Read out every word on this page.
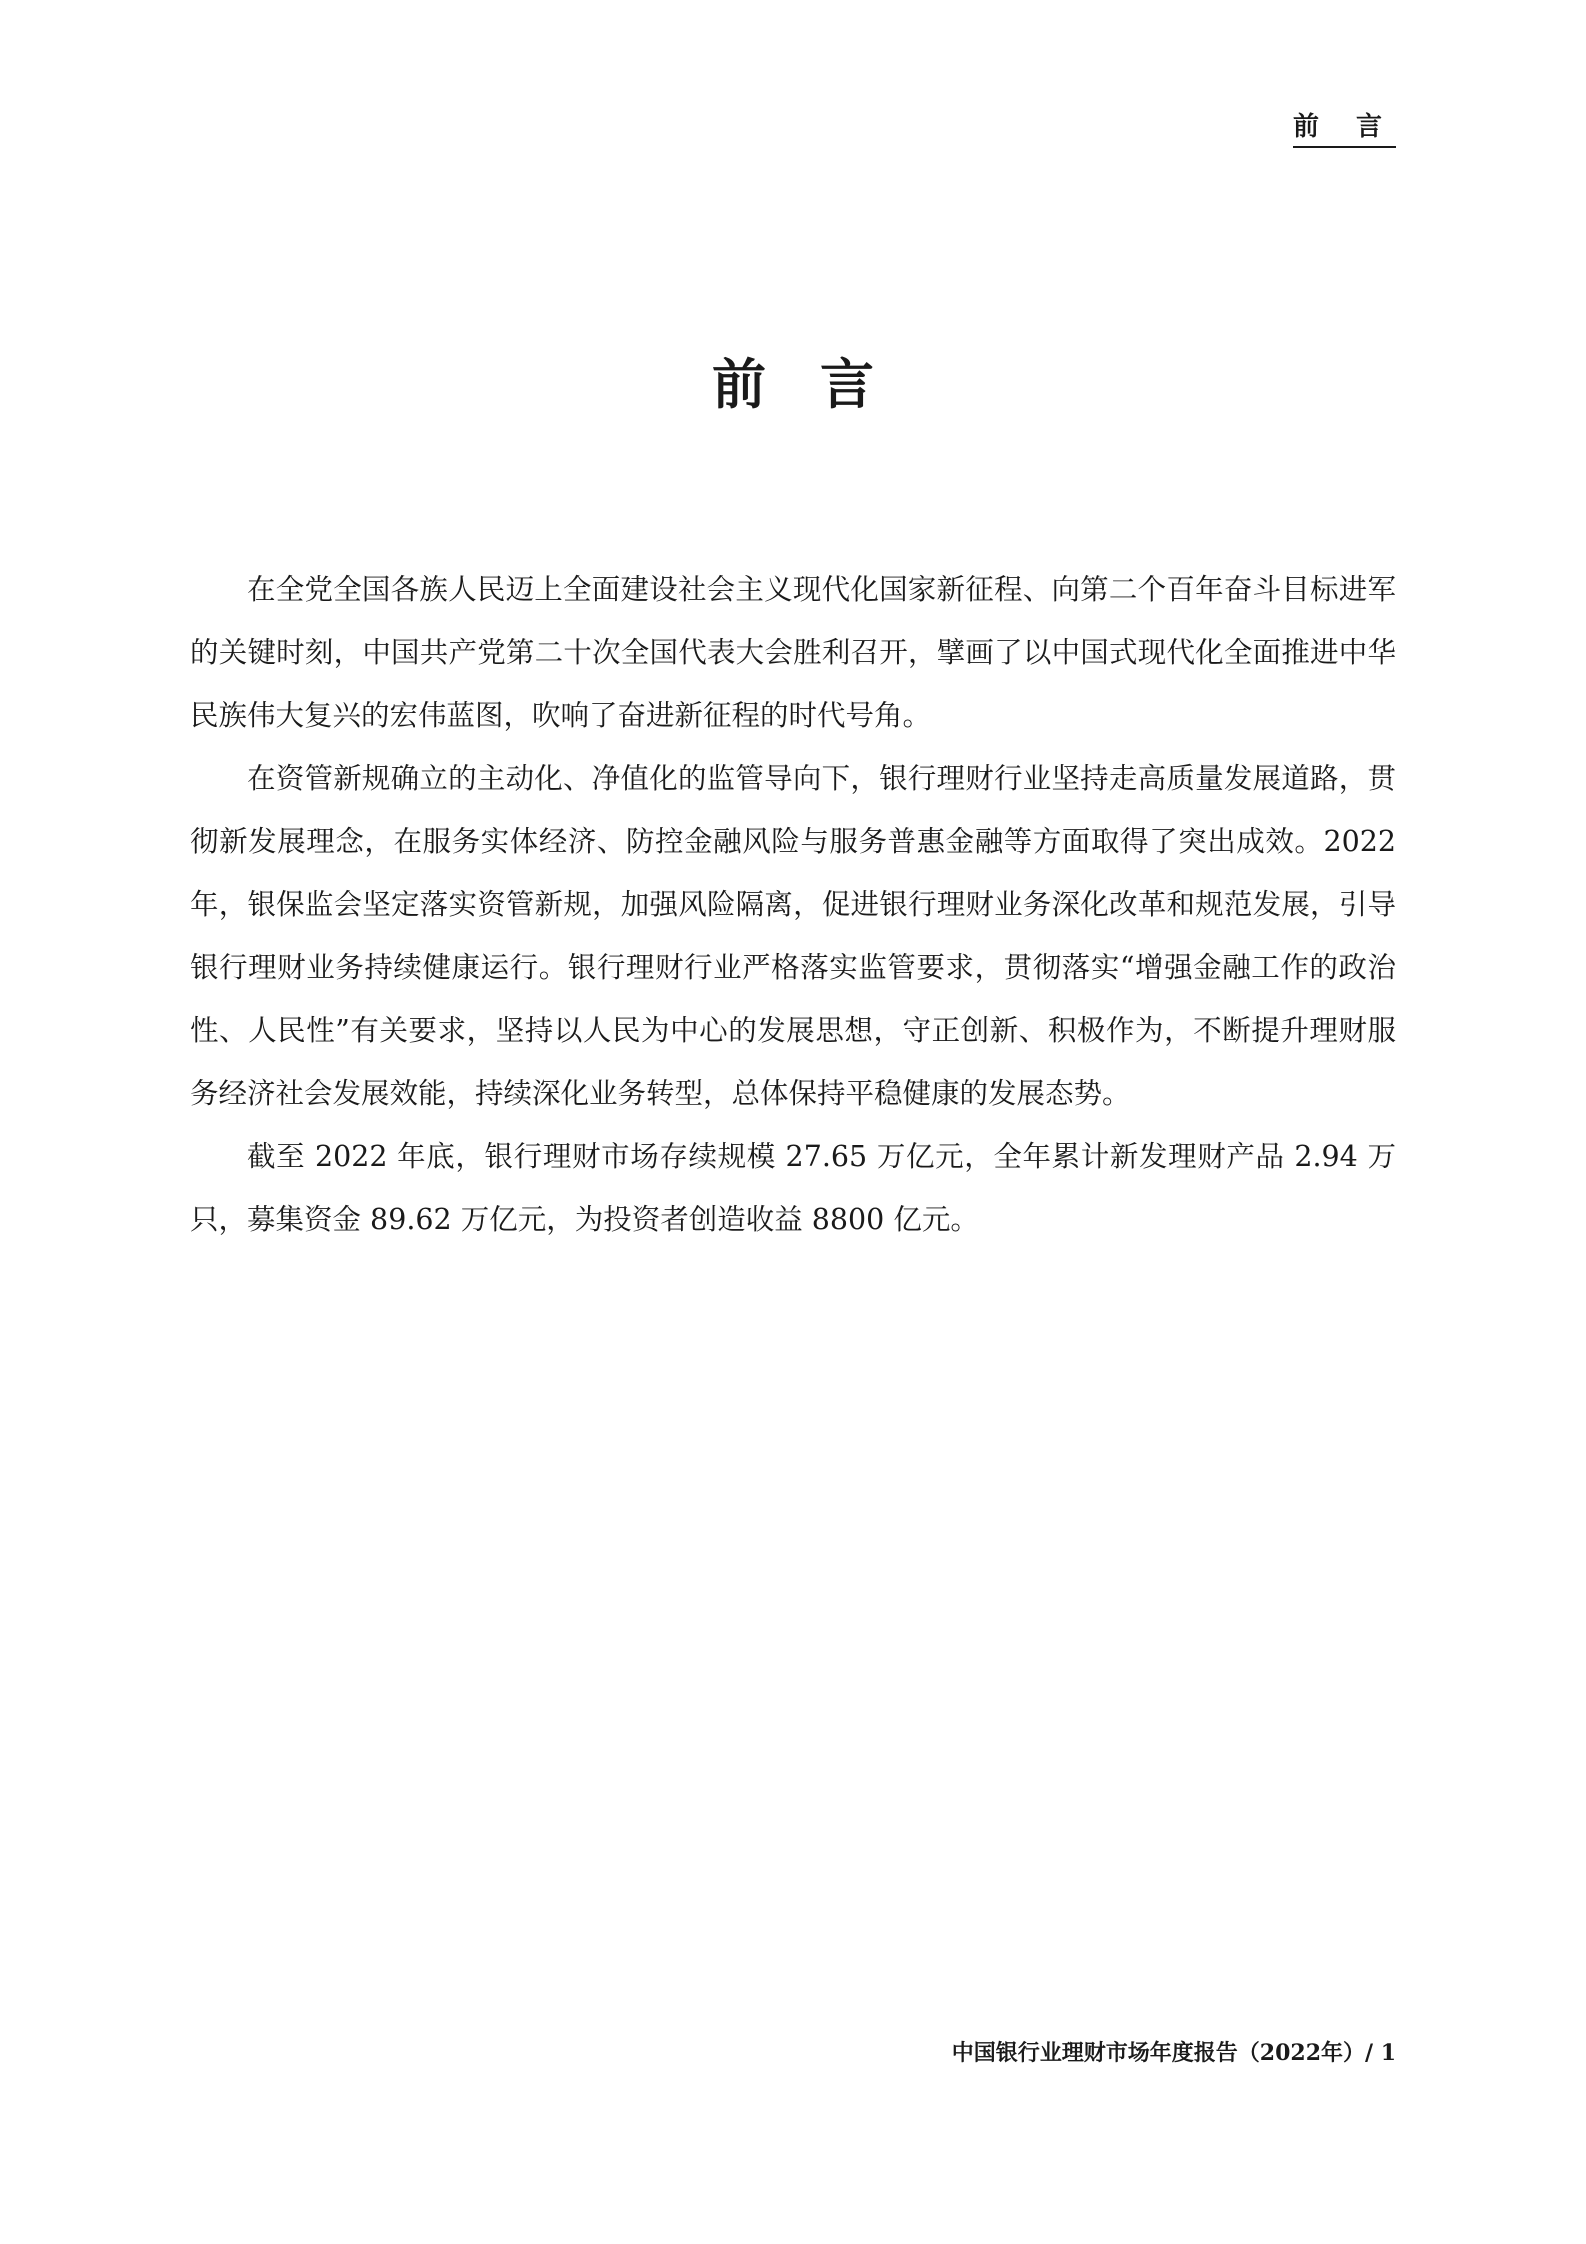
前 言
前言

在全党全国各族人民迈上全面建设社会主义现代化国家新征程、向第二个百年奋斗目标进军的关键时刻，中国共产党第二十次全国代表大会胜利召开，擘画了以中国式现代化全面推进中华民族伟大复兴的宏伟蓝图，吹响了奋进新征程的时代号角。

在资管新规确立的主动化、净值化的监管导向下，银行理财行业坚持走高质量发展道路，贯彻新发展理念，在服务实体经济、防控金融风险与服务普惠金融等方面取得了突出成效。2022 年，银保监会坚定落实资管新规，加强风险隔离，促进银行理财业务深化改革和规范发展，引导银行理财业务持续健康运行。银行理财行业严格落实监管要求，贯彻落实“增强金融工作的政治性、人民性”有关要求，坚持以人民为中心的发展思想，守正创新、积极作为，不断提升理财服务经济社会发展效能，持续深化业务转型，总体保持平稳健康的发展态势。

截至 2022 年底，银行理财市场存续规模 27.65 万亿元，全年累计新发理财产品 2.94 万只，募集资金 89.62 万亿元，为投资者创造收益 8800 亿元。

中国银行业理财市场年度报告（2022年）/ 1
